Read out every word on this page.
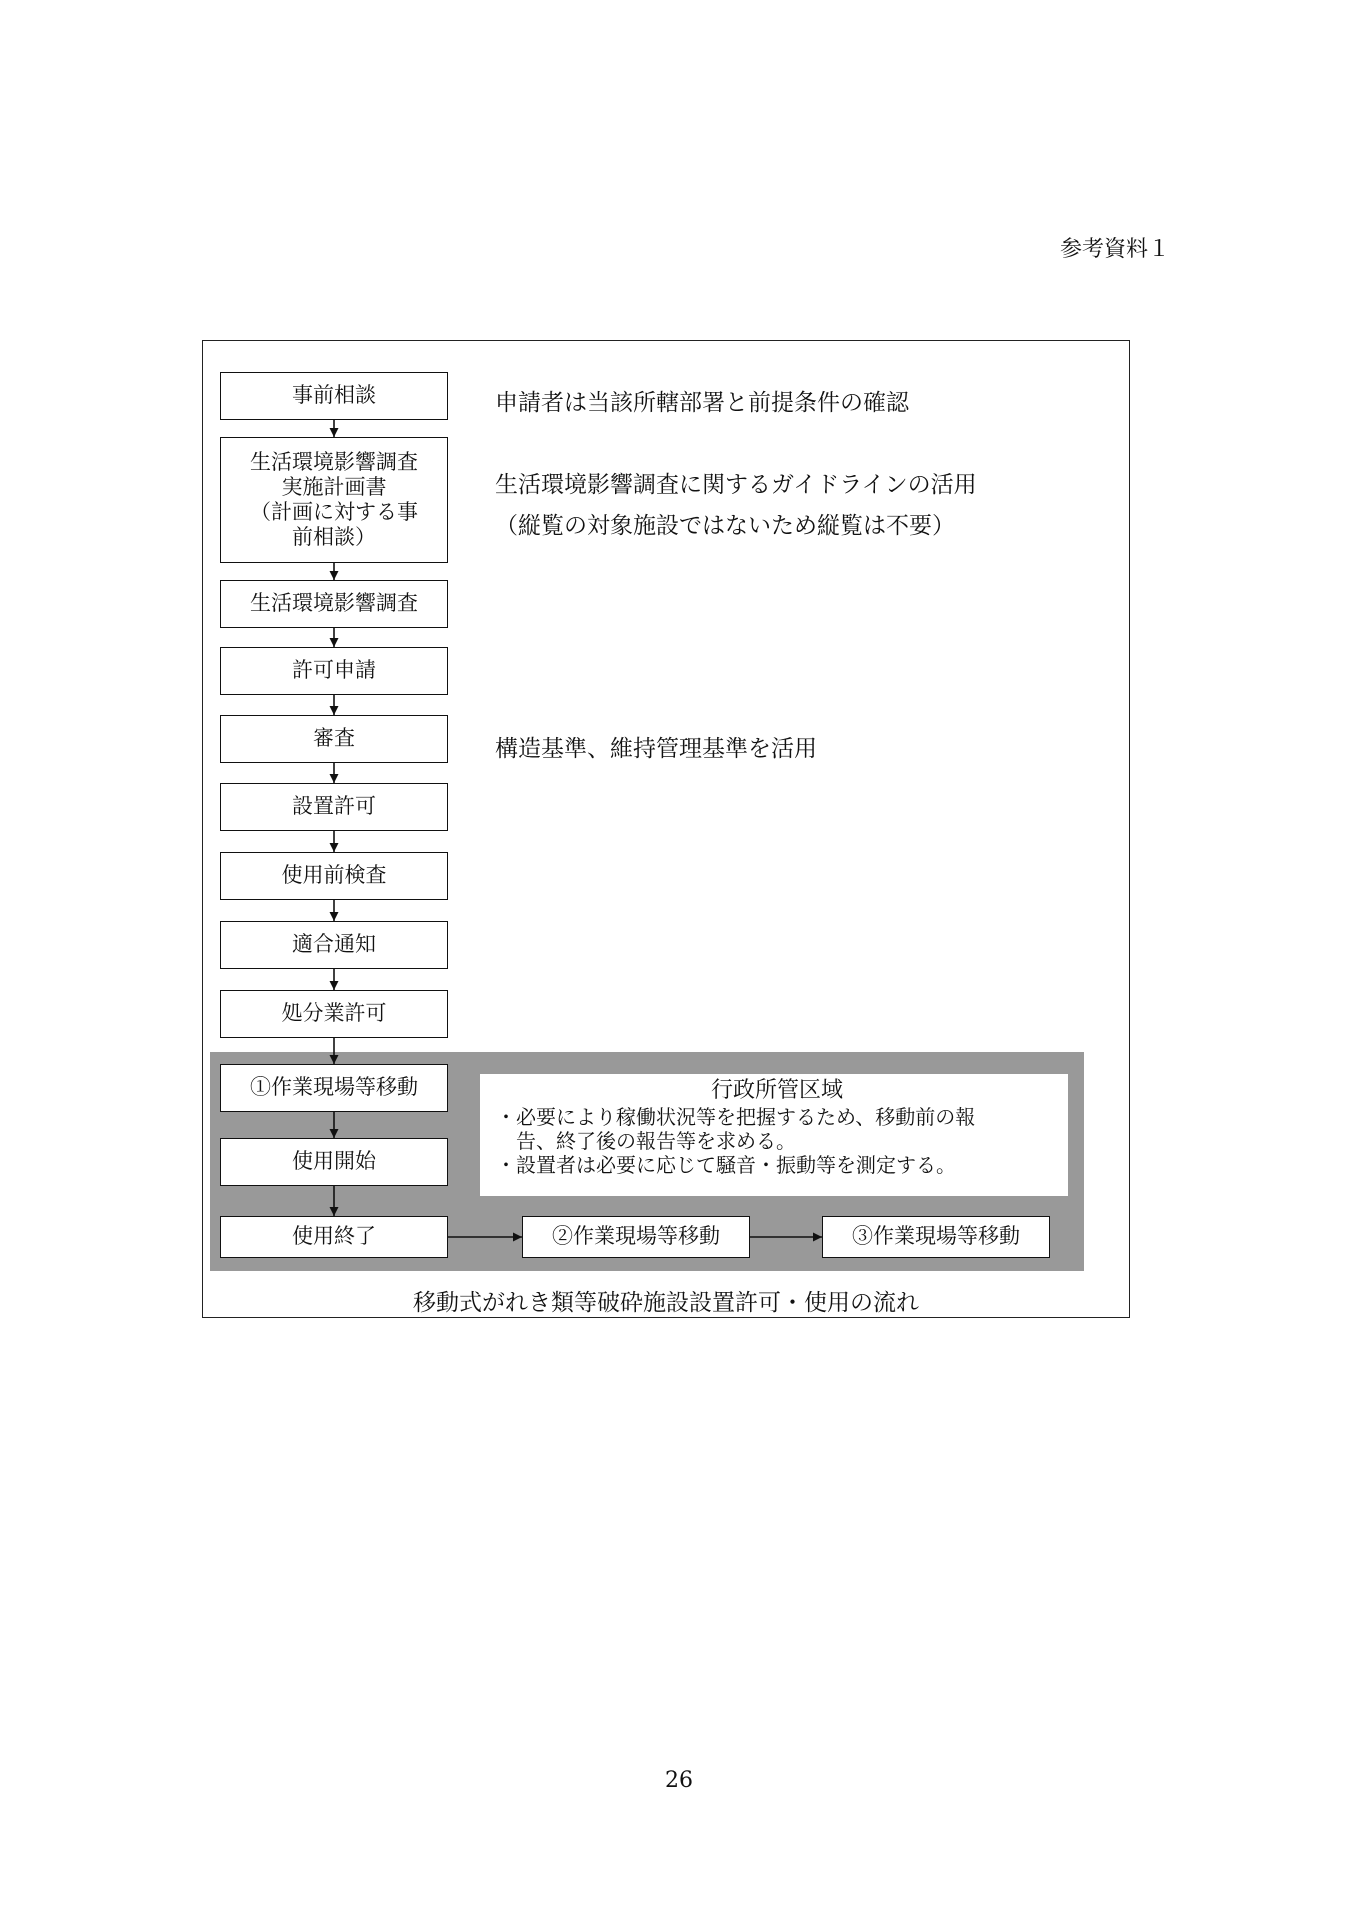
参考資料１
事前相談
生活環境影響調査
実施計画書
（計画に対する事
前相談）
生活環境影響調査
許可申請
審査
設置許可
使用前検査
適合通知
処分業許可
①作業現場等移動
使用開始
使用終了	②作業現場等移動	③作業現場等移動
申請者は当該所轄部署と前提条件の確認
生活環境影響調査に関するガイドラインの活用
（縦覧の対象施設ではないため縦覧は不要）
構造基準、維持管理基準を活用
行政所管区域
・必要により稼働状況等を把握するため、移動前の報
　告、終了後の報告等を求める。
・設置者は必要に応じて騒音・振動等を測定する。
移動式がれき類等破砕施設設置許可・使用の流れ
26
